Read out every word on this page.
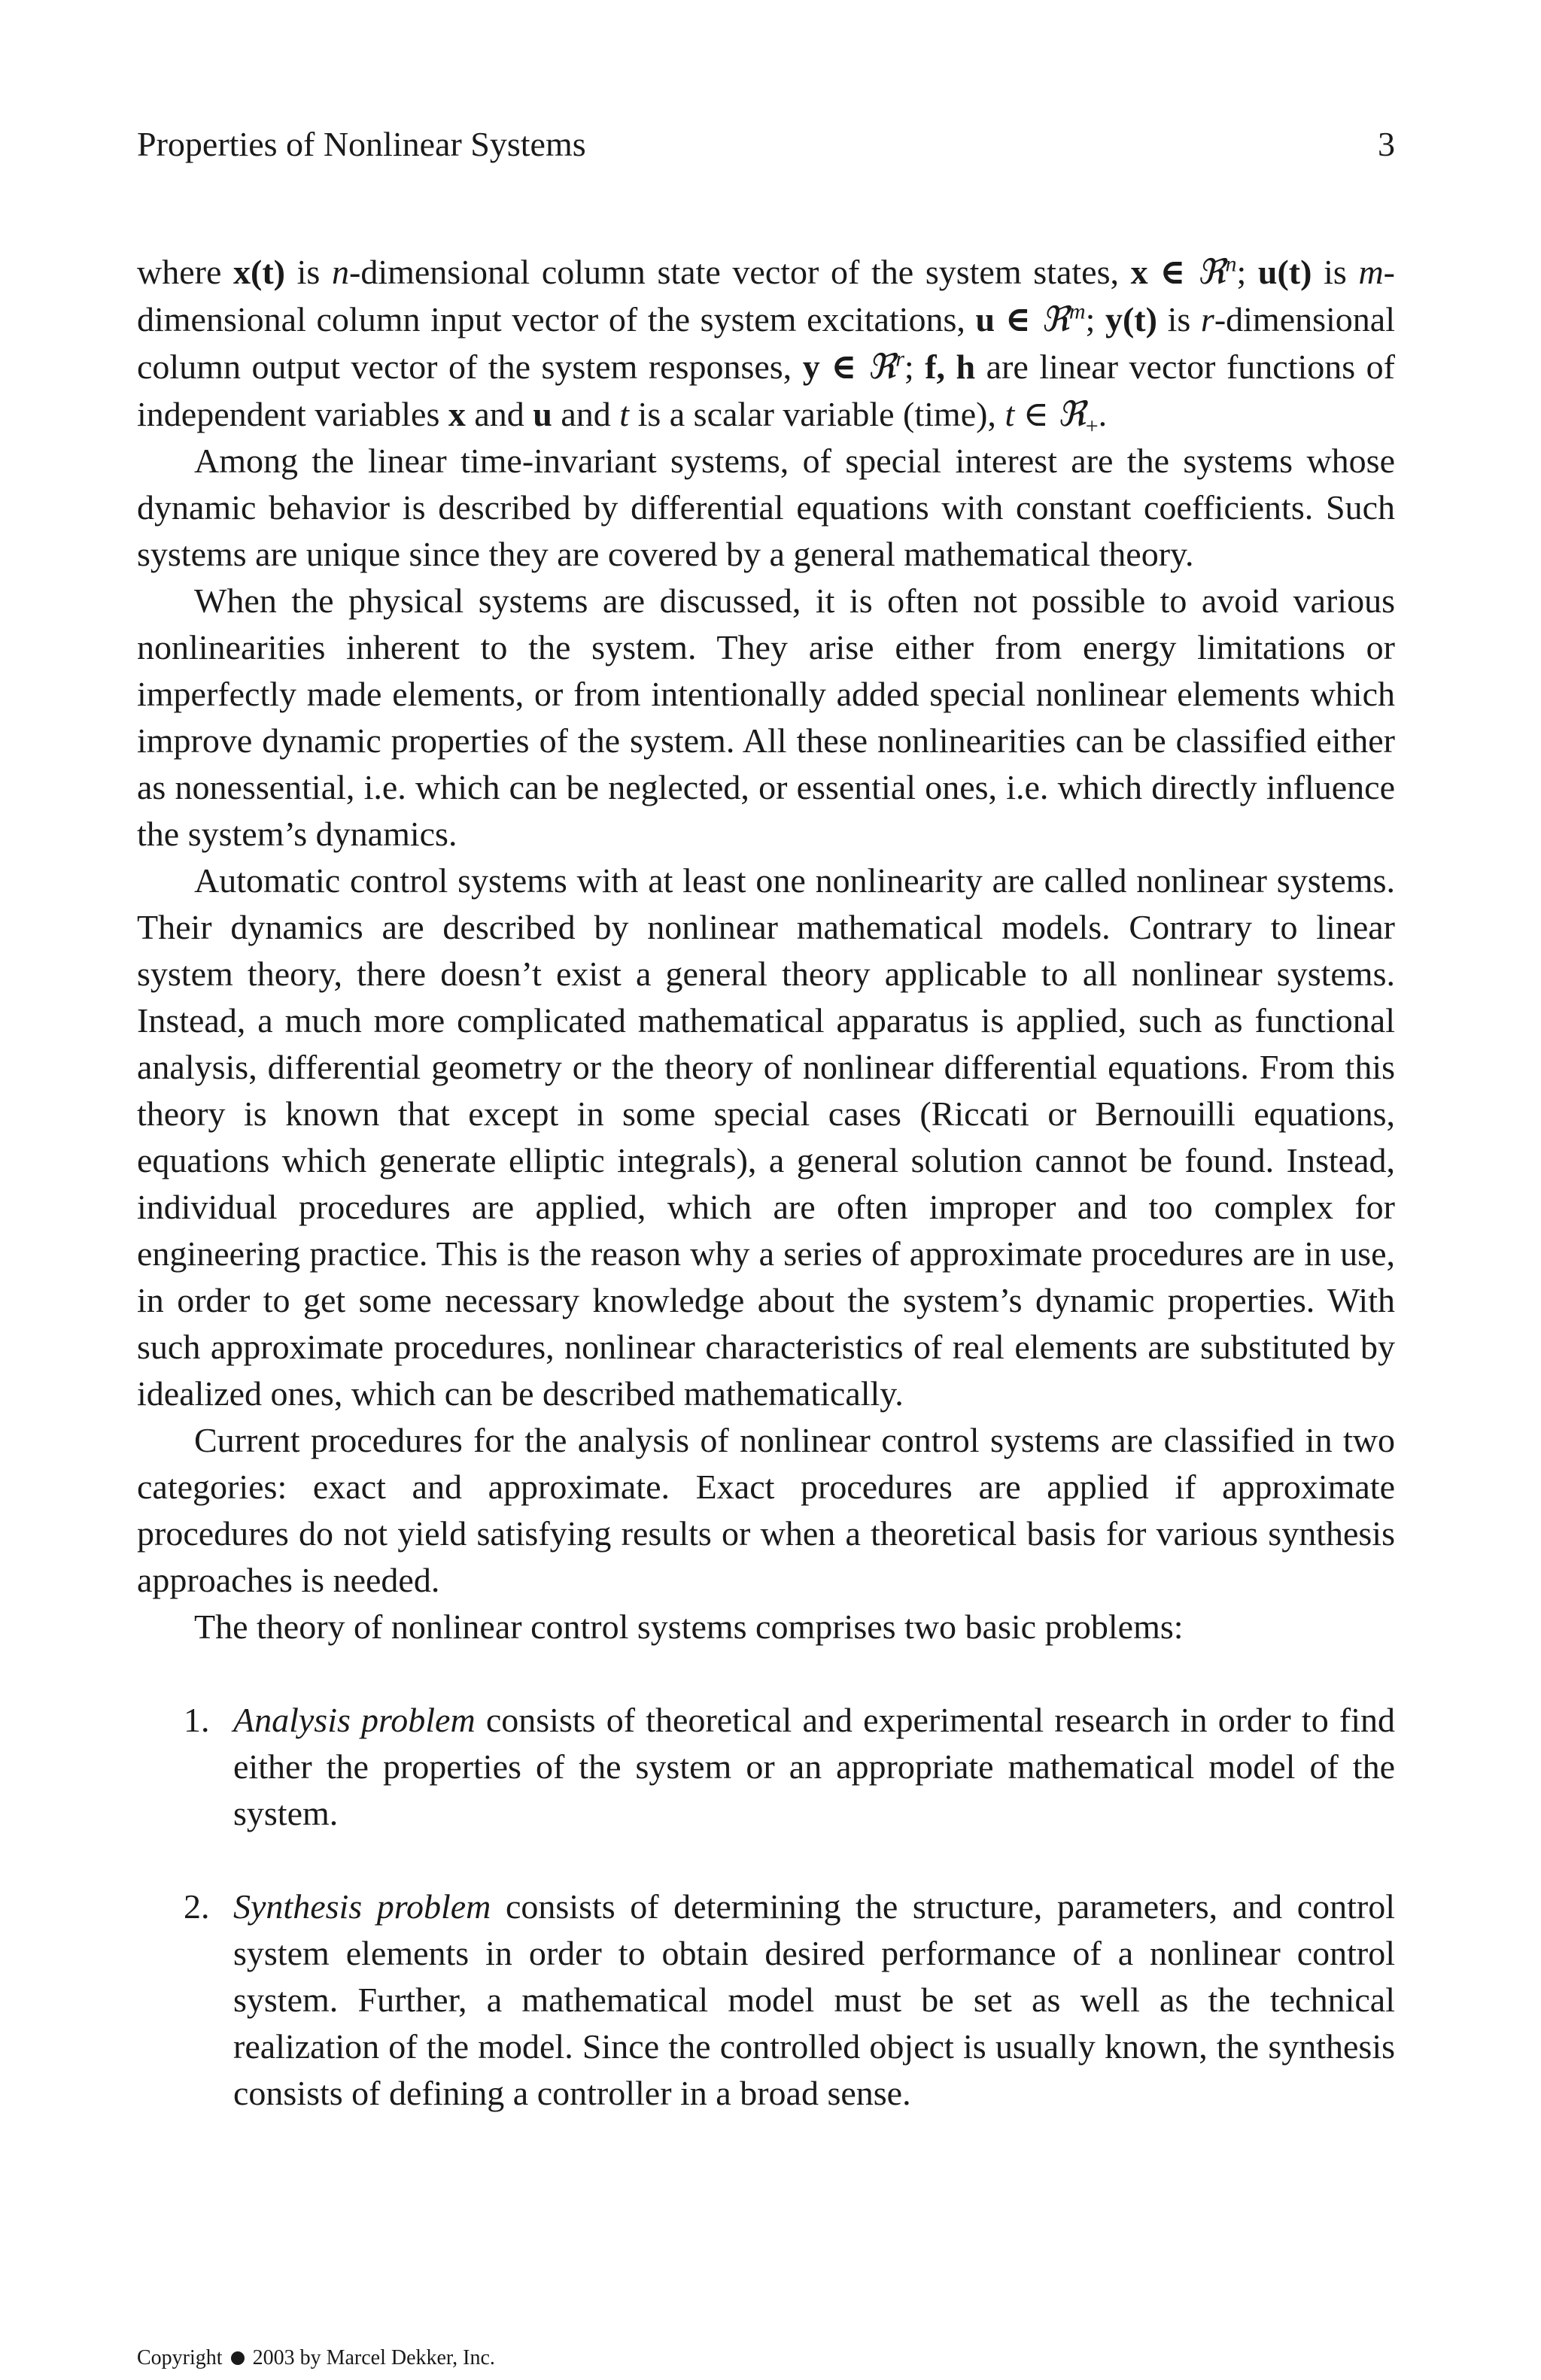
Properties of Nonlinear Systems	3

where x(t) is n-dimensional column state vector of the system states, x ∈ ℜ$^n$; u(t) is m-dimensional column input vector of the system excitations, u ∈ ℜ$^m$; y(t) is r-dimensional column output vector of the system responses, y ∈ ℜ$^r$; f, h are linear vector functions of independent variables x and u and t is a scalar variable (time), t ∈ ℜ$_+$.

Among the linear time-invariant systems, of special interest are the systems whose dynamic behavior is described by differential equations with constant coefficients. Such systems are unique since they are covered by a general mathematical theory.

When the physical systems are discussed, it is often not possible to avoid various nonlinearities inherent to the system. They arise either from energy limitations or imperfectly made elements, or from intentionally added special nonlinear elements which improve dynamic properties of the system. All these nonlinearities can be classified either as nonessential, i.e. which can be neglected, or essential ones, i.e. which directly influence the system’s dynamics.

Automatic control systems with at least one nonlinearity are called nonlinear systems. Their dynamics are described by nonlinear mathematical models. Contrary to linear system theory, there doesn’t exist a general theory applicable to all nonlinear systems. Instead, a much more complicated mathematical apparatus is applied, such as functional analysis, differential geometry or the theory of nonlinear differential equations. From this theory is known that except in some special cases (Riccati or Bernouilli equations, equations which generate elliptic integrals), a general solution cannot be found. Instead, individual procedures are applied, which are often improper and too complex for engineering practice. This is the reason why a series of approximate procedures are in use, in order to get some necessary knowledge about the system’s dynamic properties. With such approximate procedures, nonlinear characteristics of real elements are substituted by idealized ones, which can be described mathematically.

Current procedures for the analysis of nonlinear control systems are classified in two categories: exact and approximate. Exact procedures are applied if approximate procedures do not yield satisfying results or when a theoretical basis for various synthesis approaches is needed.

The theory of nonlinear control systems comprises two basic problems:

1. Analysis problem consists of theoretical and experimental research in order to find either the properties of the system or an appropriate mathematical model of the system.
2. Synthesis problem consists of determining the structure, parameters, and control system elements in order to obtain desired performance of a nonlinear control system. Further, a mathematical model must be set as well as the technical realization of the model. Since the controlled object is usually known, the synthesis consists of defining a controller in a broad sense.
Copyright 2003 by Marcel Dekker, Inc.
